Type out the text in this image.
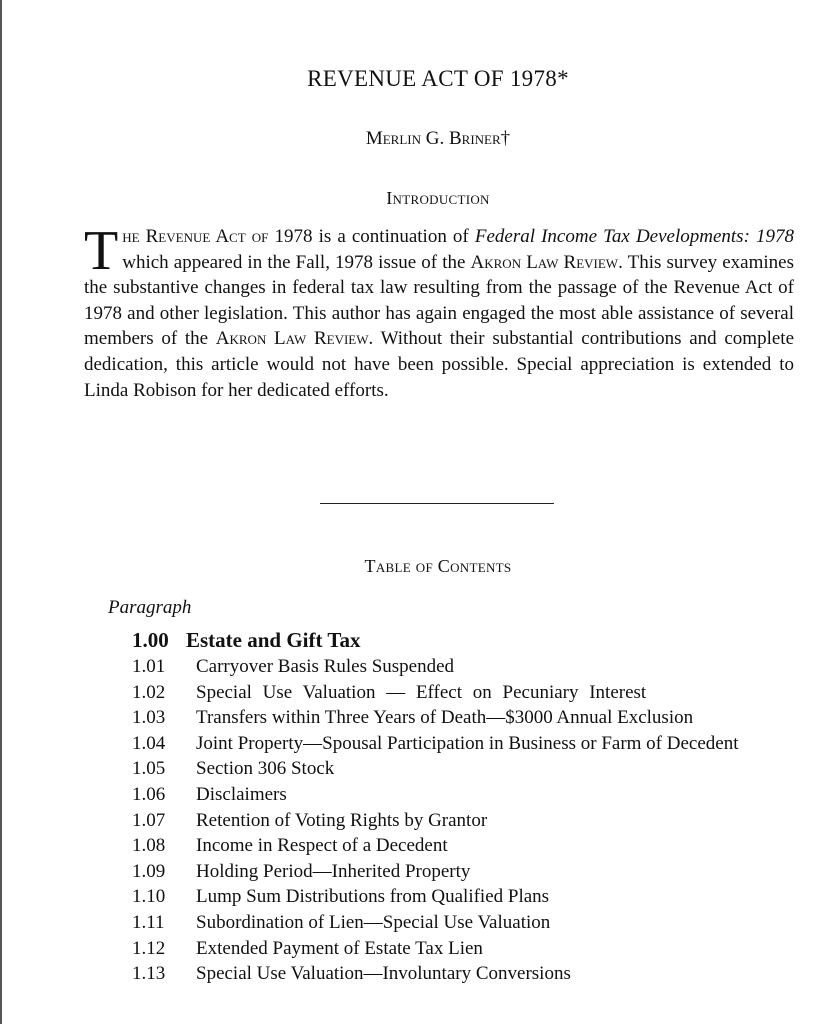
REVENUE ACT OF 1978*
Merlin G. Briner†
Introduction
The Revenue Act of 1978 is a continuation of Federal Income Tax Developments: 1978 which appeared in the Fall, 1978 issue of the Akron Law Review. This survey examines the substantive changes in federal tax law resulting from the passage of the Revenue Act of 1978 and other legislation. This author has again engaged the most able assistance of several members of the Akron Law Review. Without their substantial contributions and complete dedication, this article would not have been possible. Special appreciation is extended to Linda Robison for her dedicated efforts.
Table of Contents
Paragraph
1.00 Estate and Gift Tax
1.01	Carryover Basis Rules Suspended
1.02	Special Use Valuation — Effect on Pecuniary Interest
1.03	Transfers within Three Years of Death—$3000 Annual Exclusion
1.04	Joint Property—Spousal Participation in Business or Farm of Decedent
1.05	Section 306 Stock
1.06	Disclaimers
1.07	Retention of Voting Rights by Grantor
1.08	Income in Respect of a Decedent
1.09	Holding Period—Inherited Property
1.10	Lump Sum Distributions from Qualified Plans
1.11	Subordination of Lien—Special Use Valuation
1.12	Extended Payment of Estate Tax Lien
1.13	Special Use Valuation—Involuntary Conversions
